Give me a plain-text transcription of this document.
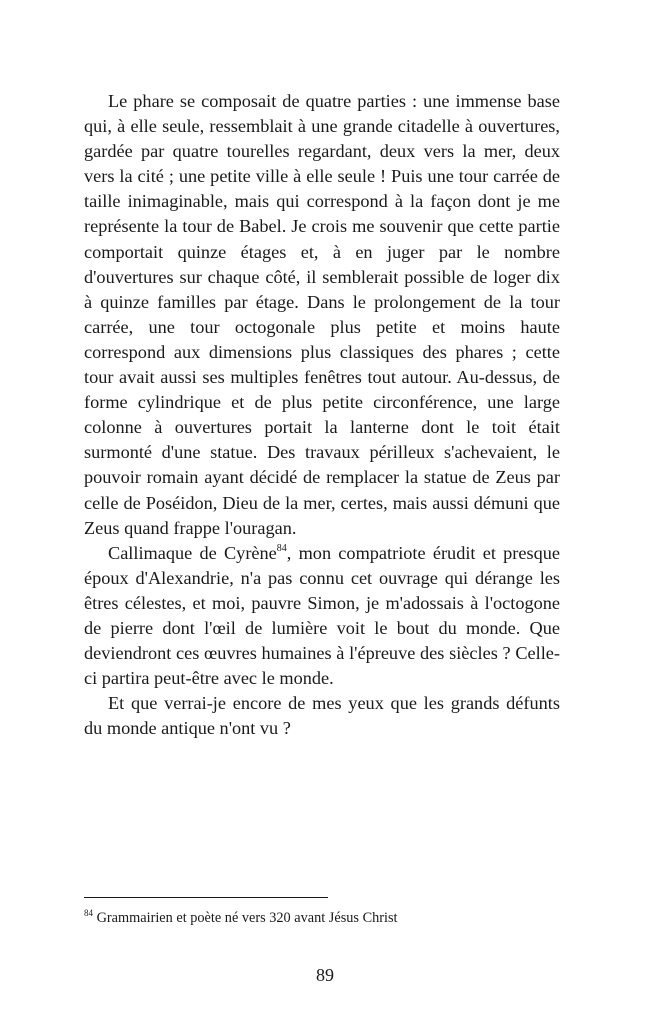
Le phare se composait de quatre parties : une immense base qui, à elle seule, ressemblait à une grande citadelle à ouvertures, gardée par quatre tourelles regardant, deux vers la mer, deux vers la cité ; une petite ville à elle seule ! Puis une tour carrée de taille inimaginable, mais qui correspond à la façon dont je me représente la tour de Babel. Je crois me souvenir que cette partie comportait quinze étages et, à en juger par le nombre d'ouvertures sur chaque côté, il semblerait possible de loger dix à quinze familles par étage. Dans le prolongement de la tour carrée, une tour octogonale plus petite et moins haute correspond aux dimensions plus classiques des phares ; cette tour avait aussi ses multiples fenêtres tout autour. Au-dessus, de forme cylindrique et de plus petite circonférence, une large colonne à ouvertures portait la lanterne dont le toit était surmonté d'une statue. Des travaux périlleux s'achevaient, le pouvoir romain ayant décidé de remplacer la statue de Zeus par celle de Poséidon, Dieu de la mer, certes, mais aussi démuni que Zeus quand frappe l'ouragan.

Callimaque de Cyrène$^{84}$, mon compatriote érudit et presque époux d'Alexandrie, n'a pas connu cet ouvrage qui dérange les êtres célestes, et moi, pauvre Simon, je m'adossais à l'octogone de pierre dont l'œil de lumière voit le bout du monde. Que deviendront ces œuvres humaines à l'épreuve des siècles ? Celle-ci partira peut-être avec le monde.

Et que verrai-je encore de mes yeux que les grands défunts du monde antique n'ont vu ?

$^{84}$ Grammairien et poète né vers 320 avant Jésus Christ
89
